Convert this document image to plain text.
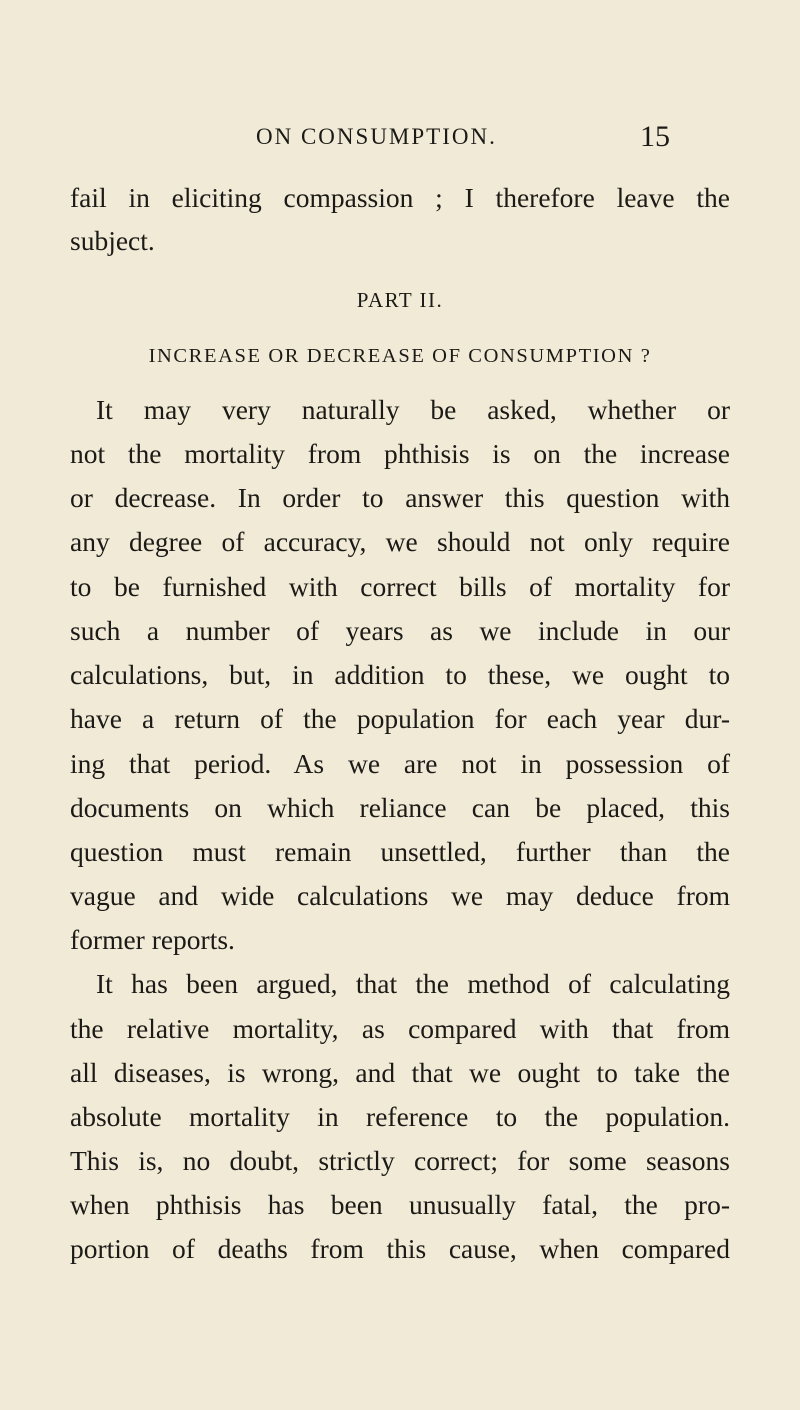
ON CONSUMPTION.	15
fail in eliciting compassion ; I therefore leave the
subject.
PART II.
INCREASE OR DECREASE OF CONSUMPTION ?
It may very naturally be asked, whether or
not the mortality from phthisis is on the increase
or decrease. In order to answer this question with
any degree of accuracy, we should not only require
to be furnished with correct bills of mortality for
such a number of years as we include in our
calculations, but, in addition to these, we ought to
have a return of the population for each year dur-
ing that period. As we are not in possession of
documents on which reliance can be placed, this
question must remain unsettled, further than the
vague and wide calculations we may deduce from
former reports.
It has been argued, that the method of calculating
the relative mortality, as compared with that from
all diseases, is wrong, and that we ought to take the
absolute mortality in reference to the population.
This is, no doubt, strictly correct; for some seasons
when phthisis has been unusually fatal, the pro-
portion of deaths from this cause, when compared
